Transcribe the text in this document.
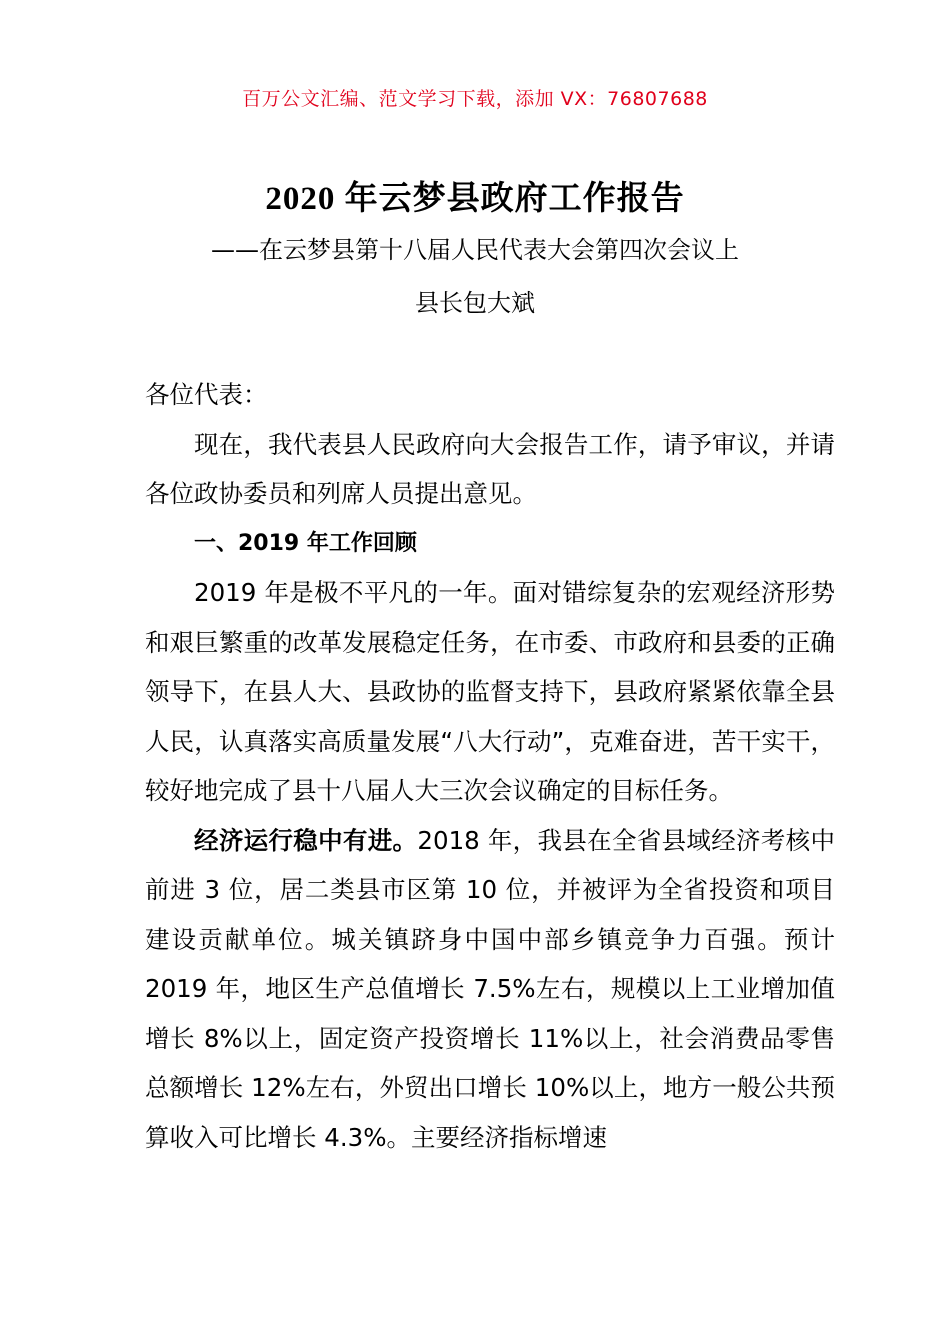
百万公文汇编、范文学习下载，添加 VX：76807688
2020 年云梦县政府工作报告
——在云梦县第十八届人民代表大会第四次会议上
县长包大斌

各位代表：

现在，我代表县人民政府向大会报告工作，请予审议，并请各位政协委员和列席人员提出意见。

一、2019 年工作回顾

2019 年是极不平凡的一年。面对错综复杂的宏观经济形势和艰巨繁重的改革发展稳定任务，在市委、市政府和县委的正确领导下，在县人大、县政协的监督支持下，县政府紧紧依靠全县人民，认真落实高质量发展“八大行动”，克难奋进，苦干实干，较好地完成了县十八届人大三次会议确定的目标任务。

经济运行稳中有进。2018 年，我县在全省县域经济考核中前进 3 位，居二类县市区第 10 位，并被评为全省投资和项目建设贡献单位。城关镇跻身中国中部乡镇竞争力百强。预计 2019 年，地区生产总值增长 7.5%左右，规模以上工业增加值增长 8%以上，固定资产投资增长 11%以上，社会消费品零售总额增长 12%左右，外贸出口增长 10%以上，地方一般公共预算收入可比增长 4.3%。主要经济指标增速
